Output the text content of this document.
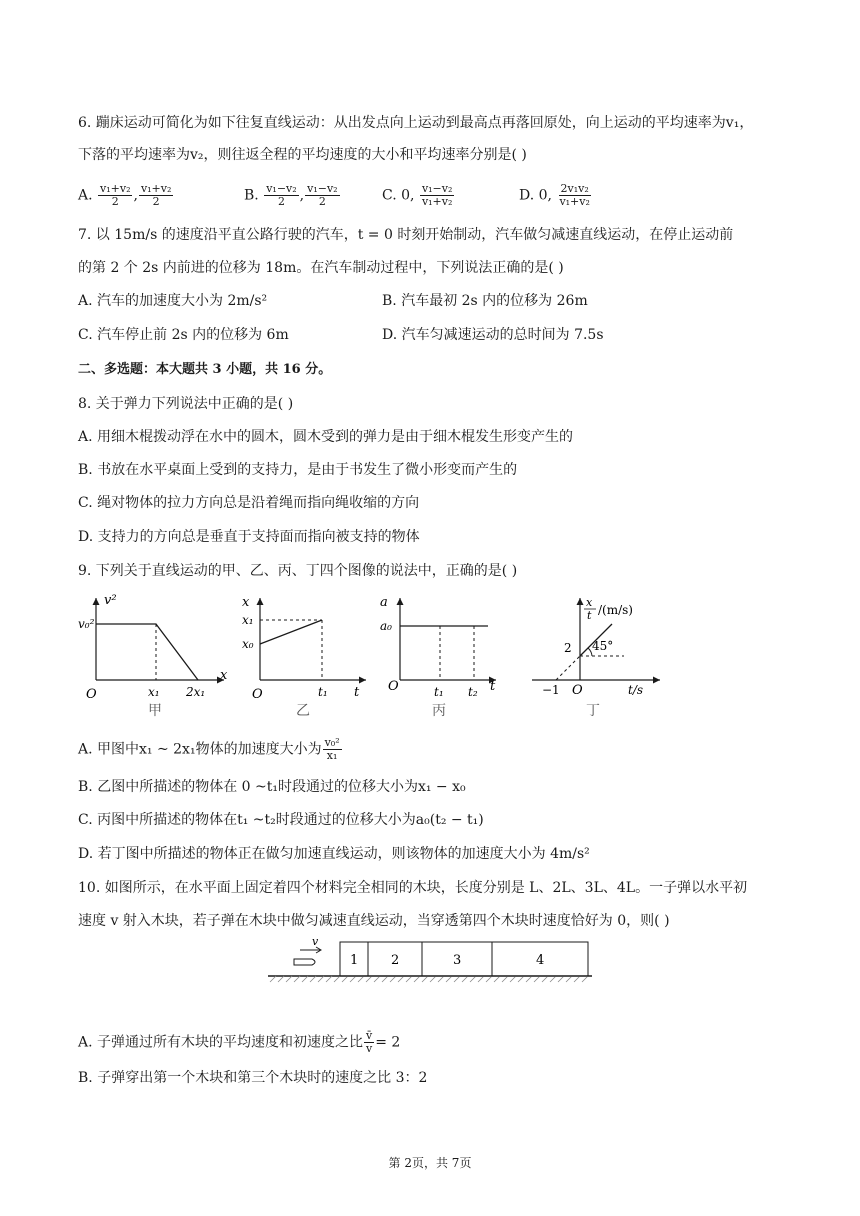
6. 蹦床运动可简化为如下往复直线运动：从出发点向上运动到最高点再落回原处，向上运动的平均速率为v₁，
下落的平均速率为v₂，则往返全程的平均速度的大小和平均速率分别是( )
A. $\frac{\text{v₁+v₂}}{2}$ , $\frac{\text{v₁+v₂}}{2}$	B. $\frac{\text{v₁−v₂}}{2}$ , $\frac{\text{v₁−v₂}}{2}$	C. 0, $\frac{\text{v₁−v₂}}{\text{v₁+v₂}}$	D. 0, $\frac{\text{2v₁v₂}}{\text{v₁+v₂}}$
7. 以 15m/s 的速度沿平直公路行驶的汽车，t = 0 时刻开始制动，汽车做匀减速直线运动，在停止运动前
的第 2 个 2s 内前进的位移为 18m。在汽车制动过程中，下列说法正确的是( )
A. 汽车的加速度大小为 2m/s²	B. 汽车最初 2s 内的位移为 26m
C. 汽车停止前 2s 内的位移为 6m	D. 汽车匀减速运动的总时间为 7.5s
二、多选题：本大题共 3 小题，共 16 分。
8. 关于弹力下列说法中正确的是( )
A. 用细木棍拨动浮在水中的圆木，圆木受到的弹力是由于细木棍发生形变产生的
B. 书放在水平桌面上受到的支持力，是由于书发生了微小形变而产生的
C. 绳对物体的拉力方向总是沿着绳而指向绳收缩的方向
D. 支持力的方向总是垂直于支持面而指向被支持的物体
9. 下列关于直线运动的甲、乙、丙、丁四个图像的说法中，正确的是( )
v²
v₀²
O	x₁ 2x₁
x
甲
x
x₁
x₀
O	t₁ t
乙
a
a₀
O	t₁ t₂ t
丙
x
t /(m/s)
2 45°
−1 O	t/s
丁
A. 甲图中x₁ ~ 2x₁物体的加速度大小为 $\frac{\text{v₀²}}{\text{x₁}}$
B. 乙图中所描述的物体在 0 ~t₁时段通过的位移大小为x₁ − x₀
C. 丙图中所描述的物体在t₁ ~t₂时段通过的位移大小为a₀(t₂ − t₁)
D. 若丁图中所描述的物体正在做匀加速直线运动，则该物体的加速度大小为 4m/s²
10. 如图所示，在水平面上固定着四个材料完全相同的木块，长度分别是 L、2L、3L、4L。一子弹以水平初
速度 v 射入木块，若子弹在木块中做匀减速直线运动，当穿透第四个木块时速度恰好为 0，则( )
v
1	2	3	4
A. 子弹通过所有木块的平均速度和初速度之比 $\frac{v̄}{v} = 2$
B. 子弹穿出第一个木块和第三个木块时的速度之比 3：2
第 2页，共 7页
